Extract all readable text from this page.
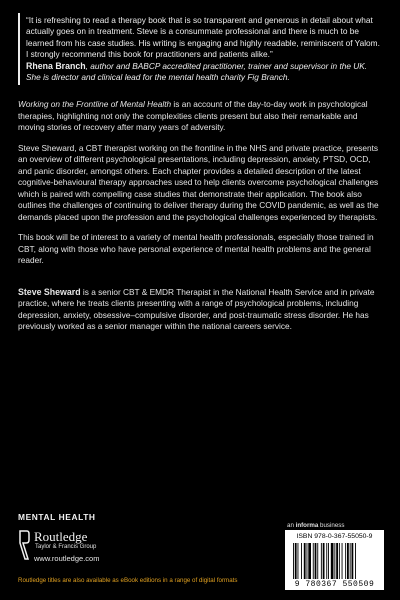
“It is refreshing to read a therapy book that is so transparent and generous in detail about what actually goes on in treatment. Steve is a consummate professional and there is much to be learned from his case studies. His writing is engaging and highly readable, reminiscent of Yalom. I strongly recommend this book for practitioners and patients alike.”
Rhena Branch, author and BABCP accredited practitioner, trainer and supervisor in the UK. She is director and clinical lead for the mental health charity Fig Branch.

Working on the Frontline of Mental Health is an account of the day-to-day work in psychological therapies, highlighting not only the complexities clients present but also their remarkable and moving stories of recovery after many years of adversity.

Steve Sheward, a CBT therapist working on the frontline in the NHS and private practice, presents an overview of different psychological presentations, including depression, anxiety, PTSD, OCD, and panic disorder, amongst others. Each chapter provides a detailed description of the latest cognitive-behavioural therapy approaches used to help clients overcome psychological challenges which is paired with compelling case studies that demonstrate their application. The book also outlines the challenges of continuing to deliver therapy during the COVID pandemic, as well as the demands placed upon the profession and the psychological challenges experienced by therapists.

This book will be of interest to a variety of mental health professionals, especially those trained in CBT, along with those who have personal experience of mental health problems and the general reader.

Steve Sheward is a senior CBT & EMDR Therapist in the National Health Service and in private practice, where he treats clients presenting with a range of psychological problems, including depression, anxiety, obsessive–compulsive disorder, and post-traumatic stress disorder. He has previously worked as a senior manager within the national careers service.

MENTAL HEALTH
Routledge
Taylor & Francis Group
www.routledge.com
Routledge titles are also available as eBook editions in a range of digital formats
an informa business
ISBN 978-0-367-55050-9
9 780367 550509
